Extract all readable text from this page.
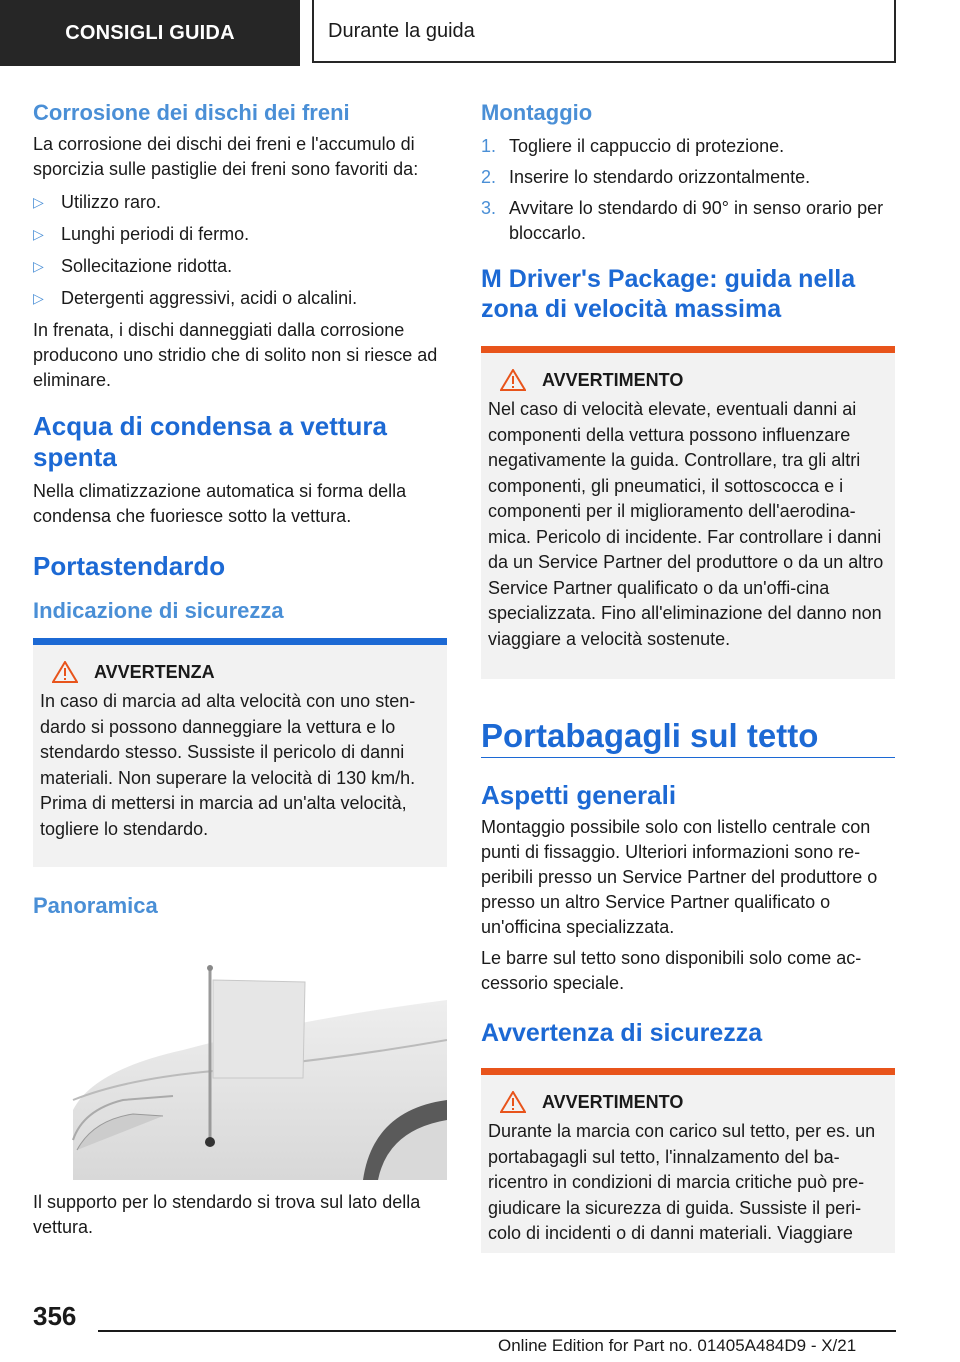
CONSIGLI GUIDA	Durante la guida
Corrosione dei dischi dei freni

La corrosione dei dischi dei freni e l'accumulo di sporcizia sulle pastiglie dei freni sono favoriti da:

▷ Utilizzo raro.
▷ Lunghi periodi di fermo.
▷ Sollecitazione ridotta.
▷ Detergenti aggressivi, acidi o alcalini.

In frenata, i dischi danneggiati dalla corrosione producono uno stridio che di solito non si riesce ad eliminare.

Acqua di condensa a vettura spenta

Nella climatizzazione automatica si forma della condensa che fuoriesce sotto la vettura.

Portastendardo
Indicazione di sicurezza
AVVERTENZA

In caso di marcia ad alta velocità con uno sten-dardo si possono danneggiare la vettura e lo stendardo stesso. Sussiste il pericolo di danni materiali. Non superare la velocità di 130 km/h. Prima di mettersi in marcia ad un'alta velocità, togliere lo stendardo.

Panoramica

Il supporto per lo stendardo si trova sul lato della vettura.

Montaggio
1. Togliere il cappuccio di protezione.
2. Inserire lo stendardo orizzontalmente.
3. Avvitare lo stendardo di 90° in senso orario per bloccarlo.
M Driver's Package: guida nella zona di velocità massima
AVVERTIMENTO

Nel caso di velocità elevate, eventuali danni ai componenti della vettura possono influenzare negativamente la guida. Controllare, tra gli altri componenti, gli pneumatici, il sottoscocca e i componenti per il miglioramento dell'aerodina-mica. Pericolo di incidente. Far controllare i danni da un Service Partner del produttore o da un altro Service Partner qualificato o da un'offi-cina specializzata. Fino all'eliminazione del danno non viaggiare a velocità sostenute.

Portabagagli sul tetto
Aspetti generali

Montaggio possibile solo con listello centrale con punti di fissaggio. Ulteriori informazioni sono re-peribili presso un Service Partner del produttore o presso un altro Service Partner qualificato o un'officina specializzata.

Le barre sul tetto sono disponibili solo come ac-cessorio speciale.

Avvertenza di sicurezza
AVVERTIMENTO

Durante la marcia con carico sul tetto, per es. un portabagagli sul tetto, l'innalzamento del ba-ricentro in condizioni di marcia critiche può pre-giudicare la sicurezza di guida. Sussiste il peri-colo di incidenti o di danni materiali. Viaggiare

356
Online Edition for Part no. 01405A484D9 - X/21
